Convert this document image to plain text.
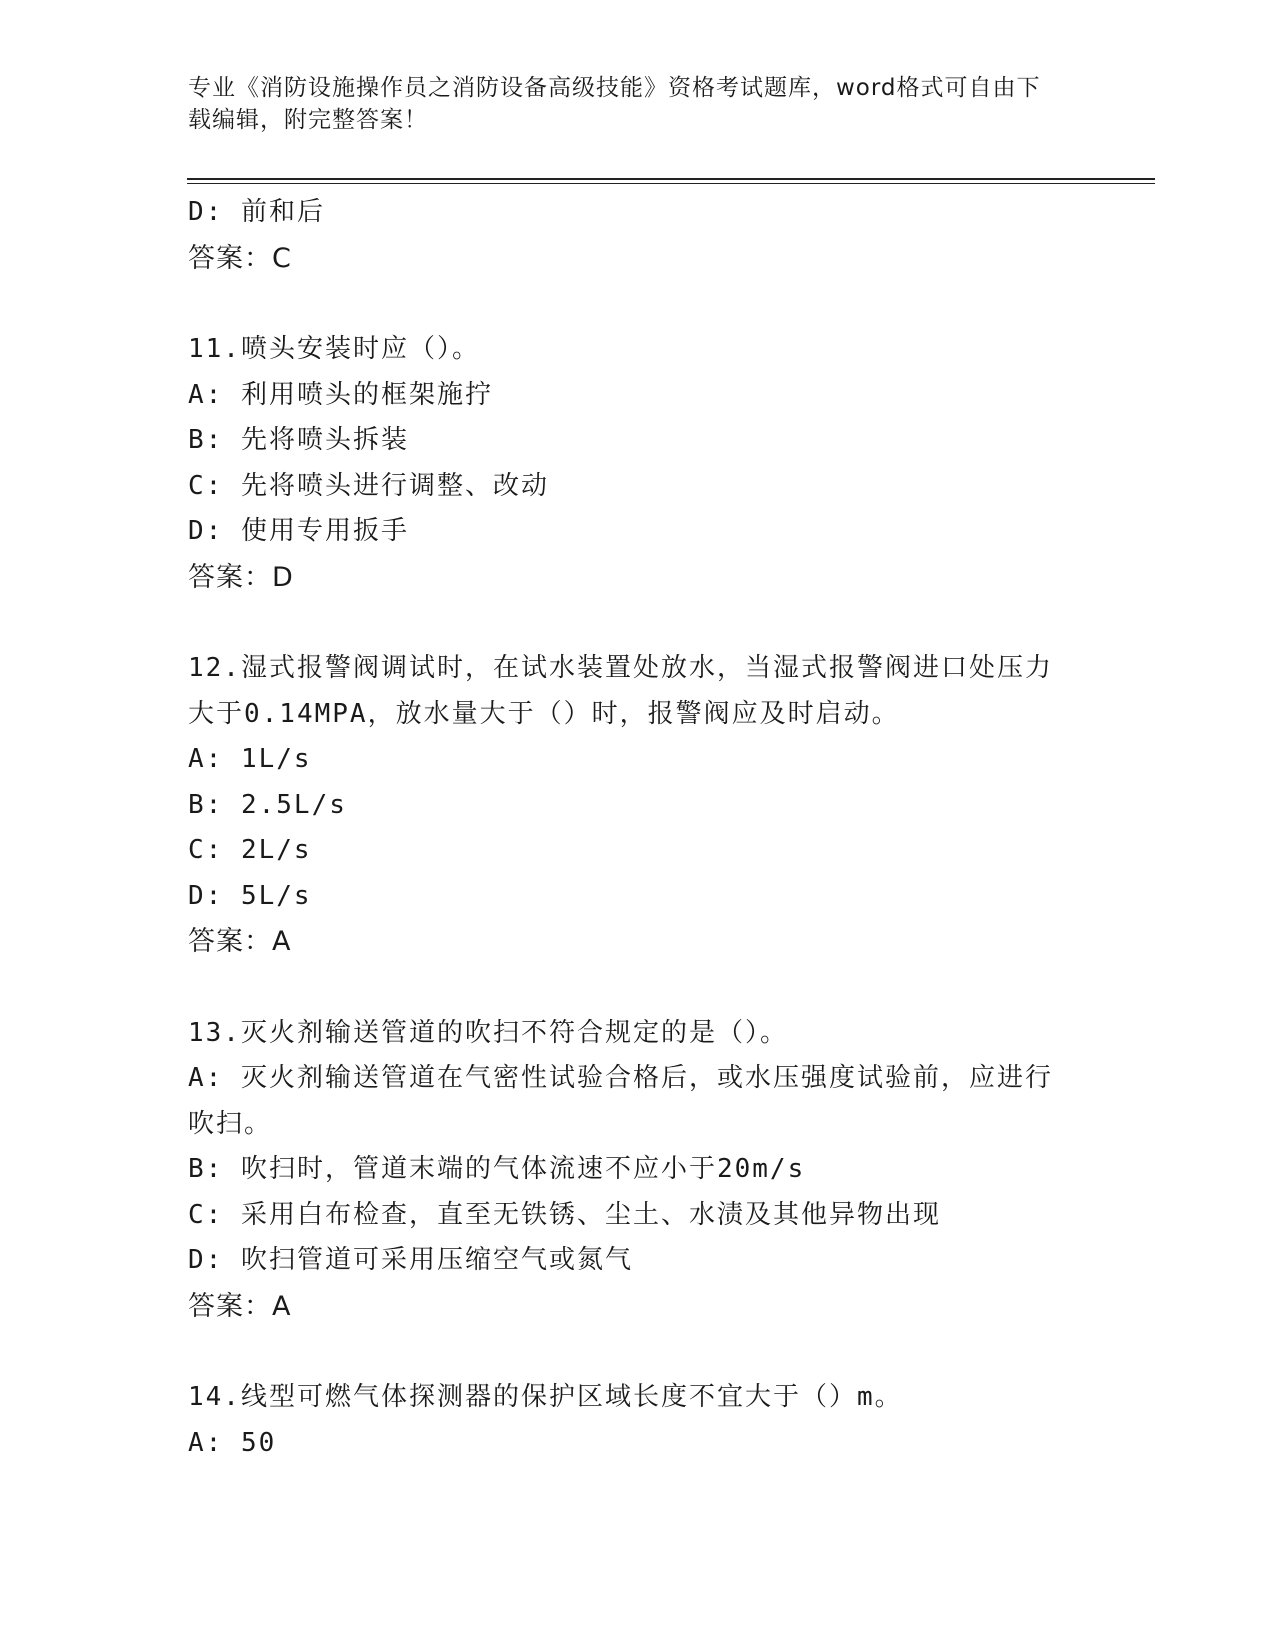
专业《消防设施操作员之消防设备高级技能》资格考试题库，word格式可自由下
载编辑，附完整答案！
D: 前和后
答案：C
11.喷头安装时应（）。
A: 利用喷头的框架施拧
B: 先将喷头拆装
C: 先将喷头进行调整、改动
D: 使用专用扳手
答案：D
12.湿式报警阀调试时，在试水装置处放水，当湿式报警阀进口处压力
大于0.14MPA，放水量大于（）时，报警阀应及时启动。
A: 1L/s
B: 2.5L/s
C: 2L/s
D: 5L/s
答案：A
13.灭火剂输送管道的吹扫不符合规定的是（）。
A: 灭火剂输送管道在气密性试验合格后，或水压强度试验前，应进行
吹扫。
B: 吹扫时，管道末端的气体流速不应小于20m/s
C: 采用白布检查，直至无铁锈、尘土、水渍及其他异物出现
D: 吹扫管道可采用压缩空气或氮气
答案：A
14.线型可燃气体探测器的保护区域长度不宜大于（）m。
A: 50
